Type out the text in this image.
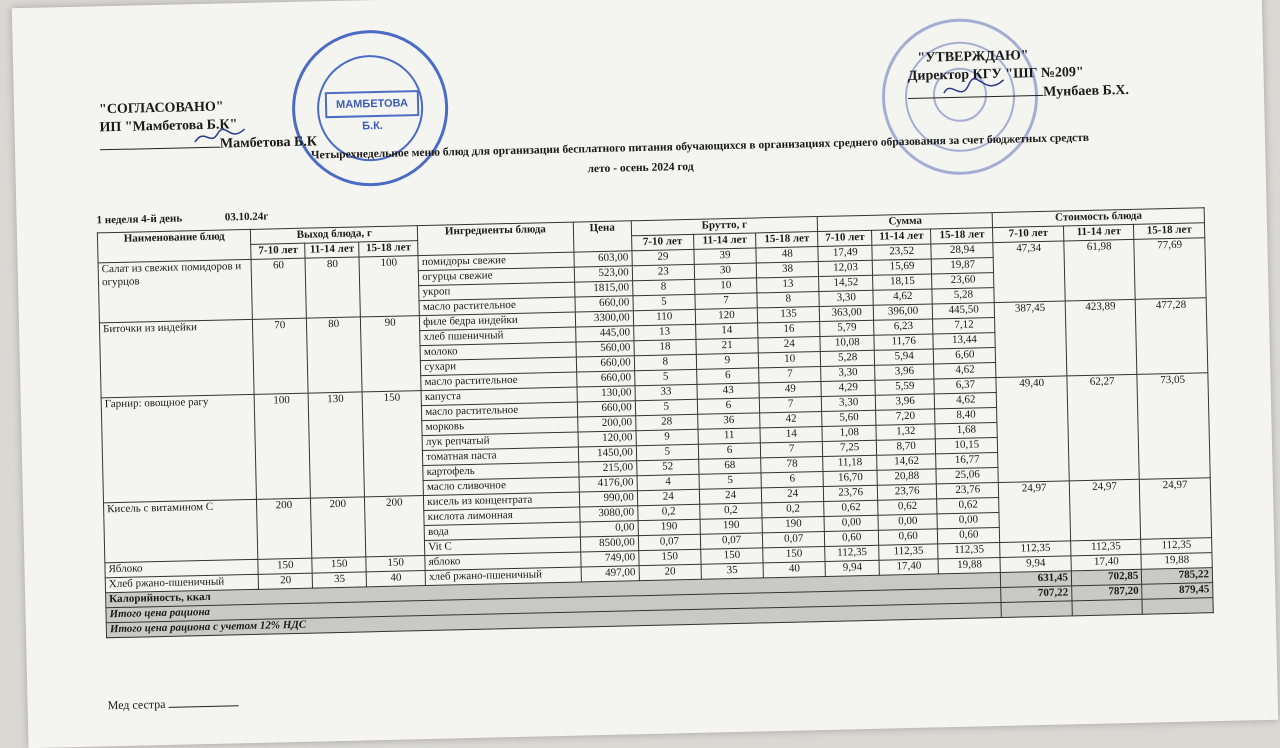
МАМБЕТОВА Б.К.
"СОГЛАСОВАНО"
ИП "Мамбетова Б.К"
Мамбетова Б.К
"УТВЕРЖДАЮ"
Директор КГУ "ШГ №209"
Мунбаев Б.Х.
Четырехнедельное меню блюд для организации бесплатного питания обучающихся в организациях среднего образования за счет бюджетных средств
лето - осень 2024 год
1 неделя 4-й день	03.10.24г
Наименование блюд	Выход блюда, г			Ингредиенты блюда	Цена	Брутто, г			Сумма			Стоимость блюда		
	7-10 лет	11-14 лет	15-18 лет			7-10 лет	11-14 лет	15-18 лет	7-10 лет	11-14 лет	15-18 лет	7-10 лет	11-14 лет	15-18 лет
Салат из свежих помидоров и огурцов	60	80	100	помидоры свежие	603,00	29	39	48	17,49	23,52	28,94	47,34	61,98	77,69
				огурцы свежие	523,00	23	30	38	12,03	15,69	19,87			
				укроп	1815,00	8	10	13	14,52	18,15	23,60			
				масло растительное	660,00	5	7	8	3,30	4,62	5,28			
Биточки из индейки	70	80	90	филе бедра индейки	3300,00	110	120	135	363,00	396,00	445,50	387,45	423,89	477,28
				хлеб пшеничный	445,00	13	14	16	5,79	6,23	7,12			
				молоко	560,00	18	21	24	10,08	11,76	13,44			
				сухари	660,00	8	9	10	5,28	5,94	6,60			
				масло растительное	660,00	5	6	7	3,30	3,96	4,62			
Гарнир: овощное рагу	100	130	150	капуста	130,00	33	43	49	4,29	5,59	6,37	49,40	62,27	73,05
				масло растительное	660,00	5	6	7	3,30	3,96	4,62			
				морковь	200,00	28	36	42	5,60	7,20	8,40			
				лук репчатый	120,00	9	11	14	1,08	1,32	1,68			
				томатная паста	1450,00	5	6	7	7,25	8,70	10,15			
				картофель	215,00	52	68	78	11,18	14,62	16,77			
				масло сливочное	4176,00	4	5	6	16,70	20,88	25,06			
Кисель с витамином С	200	200	200	кисель из концентрата	990,00	24	24	24	23,76	23,76	23,76	24,97	24,97	24,97
				кислота лимонная	3080,00	0,2	0,2	0,2	0,62	0,62	0,62			
				вода	0,00	190	190	190	0,00	0,00	0,00			
				Vit C	8500,00	0,07	0,07	0,07	0,60	0,60	0,60			
Яблоко	150	150	150	яблоко	749,00	150	150	150	112,35	112,35	112,35	112,35	112,35	112,35
Хлеб ржано-пшеничный	20	35	40	хлеб ржано-пшеничный	497,00	20	35	40	9,94	17,40	19,88	9,94	17,40	19,88
Калорийность, ккал												631,45	702,85	785,22
Итого цена рациона												707,22	787,20	879,45
Итого цена рациона с учетом 12% НДС														
Мед сестра
